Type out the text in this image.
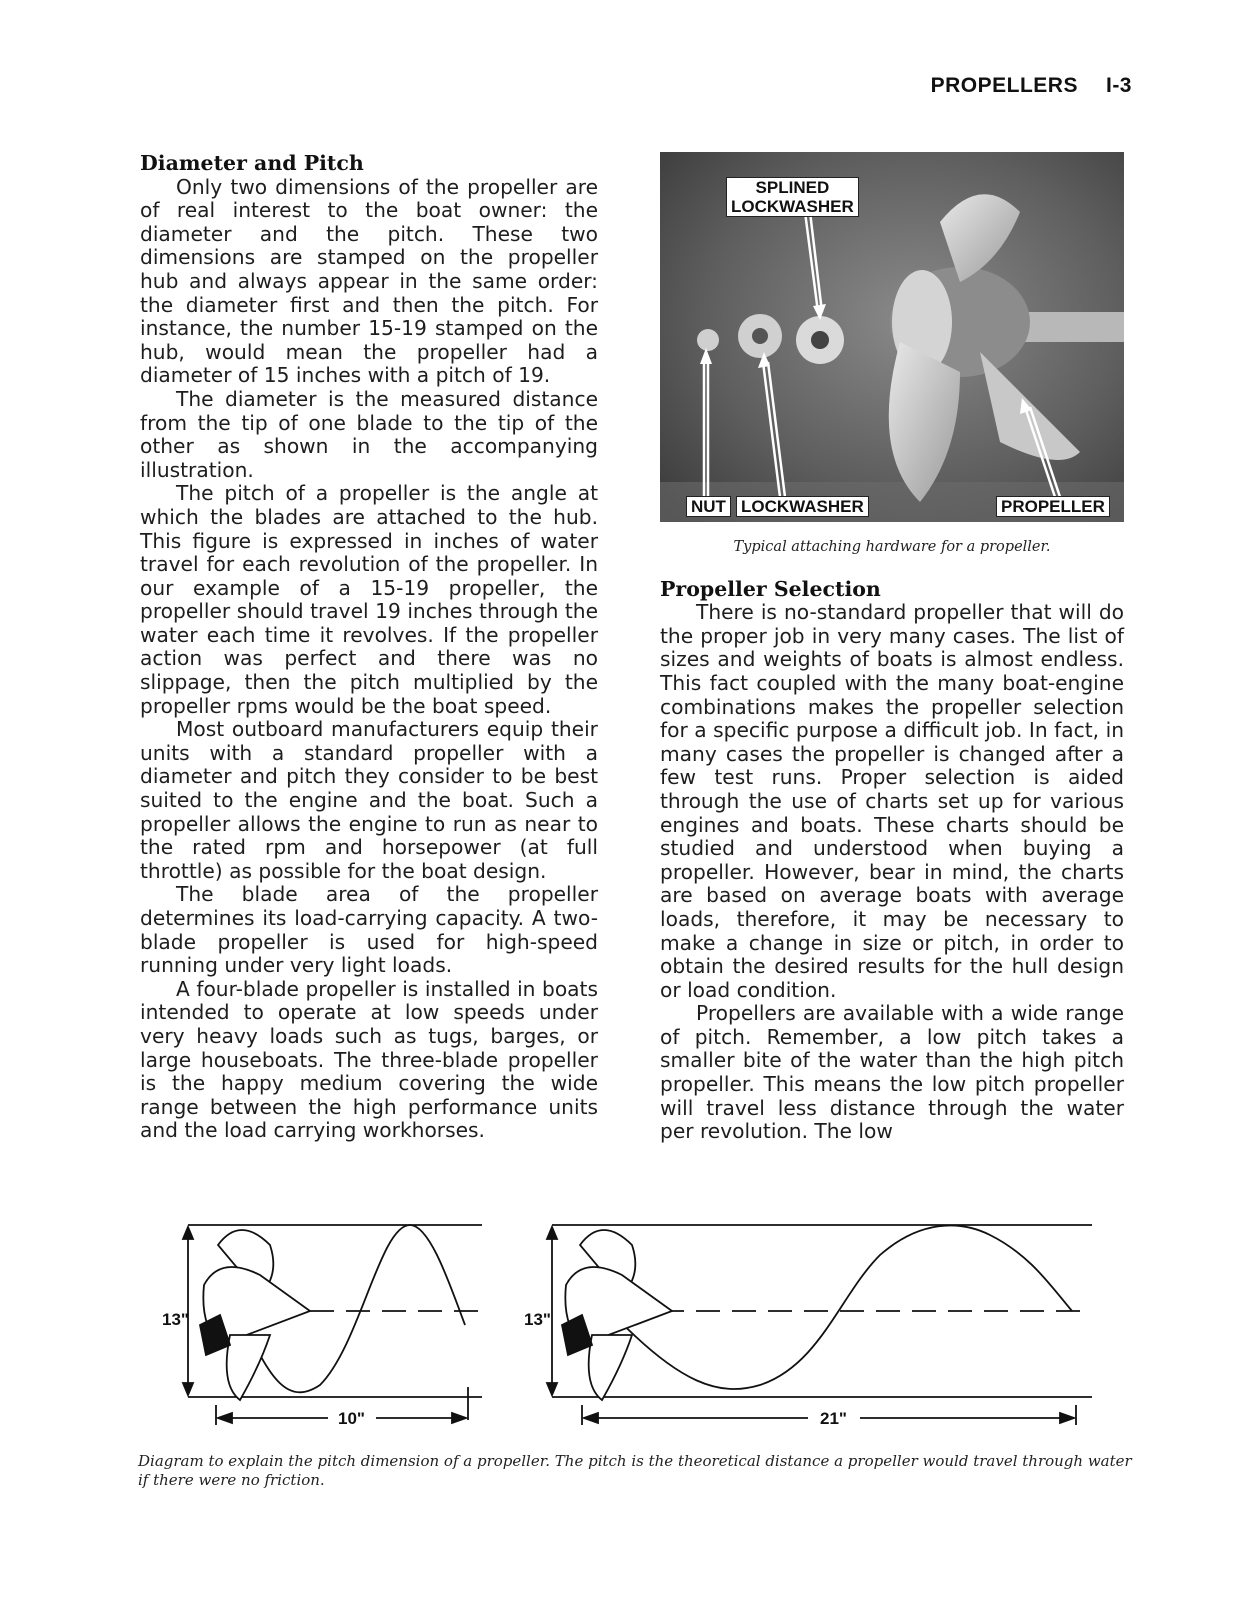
PROPELLERS I-3
Diameter and Pitch

Only two dimensions of the propeller are of real interest to the boat owner: the diameter and the pitch. These two dimensions are stamped on the propeller hub and always appear in the same order: the diameter first and then the pitch. For instance, the number 15-19 stamped on the hub, would mean the propeller had a diameter of 15 inches with a pitch of 19.

The diameter is the measured distance from the tip of one blade to the tip of the other as shown in the accompanying illustration.

The pitch of a propeller is the angle at which the blades are attached to the hub. This figure is expressed in inches of water travel for each revolution of the propeller. In our example of a 15-19 propeller, the propeller should travel 19 inches through the water each time it revolves. If the propeller action was perfect and there was no slippage, then the pitch multiplied by the propeller rpms would be the boat speed.

Most outboard manufacturers equip their units with a standard propeller with a diameter and pitch they consider to be best suited to the engine and the boat. Such a propeller allows the engine to run as near to the rated rpm and horsepower (at full throttle) as possible for the boat design.

The blade area of the propeller determines its load-carrying capacity. A two-blade propeller is used for high-speed running under very light loads.

A four-blade propeller is installed in boats intended to operate at low speeds under very heavy loads such as tugs, barges, or large houseboats. The three-blade propeller is the happy medium covering the wide range between the high performance units and the load carrying workhorses.

SPLINED
LOCKWASHER
NUT LOCKWASHER	PROPELLER
Typical attaching hardware for a propeller.
Propeller Selection

There is no-standard propeller that will do the proper job in very many cases. The list of sizes and weights of boats is almost endless. This fact coupled with the many boat-engine combinations makes the propeller selection for a specific purpose a difficult job. In fact, in many cases the propeller is changed after a few test runs. Proper selection is aided through the use of charts set up for various engines and boats. These charts should be studied and understood when buying a propeller. However, bear in mind, the charts are based on average boats with average loads, therefore, it may be necessary to make a change in size or pitch, in order to obtain the desired results for the hull design or load condition.

Propellers are available with a wide range of pitch. Remember, a low pitch takes a smaller bite of the water than the high pitch propeller. This means the low pitch propeller will travel less distance through the water per revolution. The low

13"
10"
13"
21"
Diagram to explain the pitch dimension of a propeller. The pitch is the theoretical distance a propeller would travel through water if there were no friction.
